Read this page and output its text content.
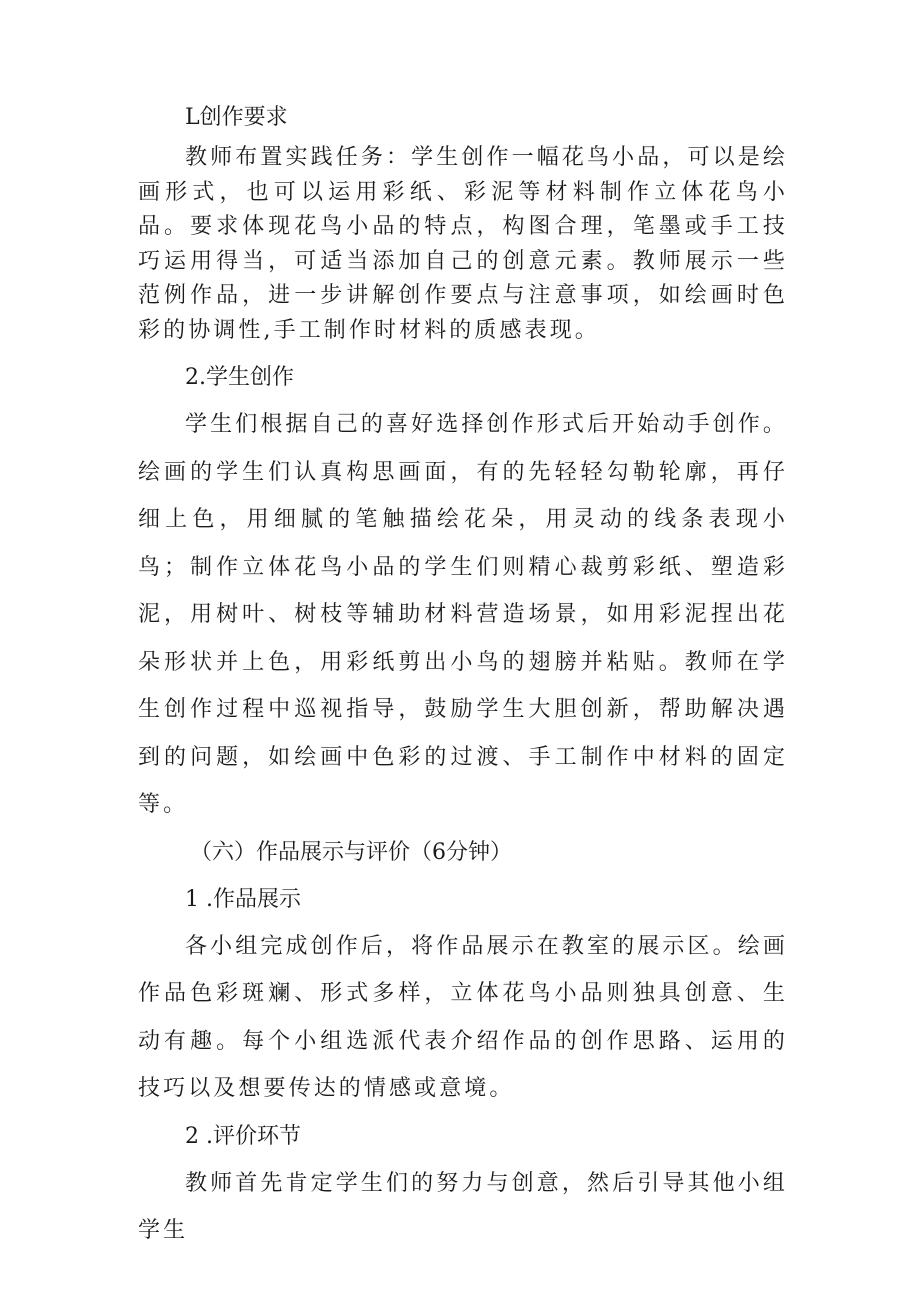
L创作要求

教师布置实践任务：学生创作一幅花鸟小品，可以是绘画形式，也可以运用彩纸、彩泥等材料制作立体花鸟小品。要求体现花鸟小品的特点，构图合理，笔墨或手工技巧运用得当，可适当添加自己的创意元素。教师展示一些范例作品，进一步讲解创作要点与注意事项，如绘画时色彩的协调性,手工制作时材料的质感表现。

2.学生创作

学生们根据自己的喜好选择创作形式后开始动手创作。绘画的学生们认真构思画面，有的先轻轻勾勒轮廓，再仔细上色，用细腻的笔触描绘花朵，用灵动的线条表现小鸟；制作立体花鸟小品的学生们则精心裁剪彩纸、塑造彩泥，用树叶、树枝等辅助材料营造场景，如用彩泥捏出花朵形状并上色，用彩纸剪出小鸟的翅膀并粘贴。教师在学生创作过程中巡视指导，鼓励学生大胆创新，帮助解决遇到的问题，如绘画中色彩的过渡、手工制作中材料的固定等。

（六）作品展示与评价（6分钟）

1 .作品展示

各小组完成创作后，将作品展示在教室的展示区。绘画作品色彩斑斓、形式多样，立体花鸟小品则独具创意、生动有趣。每个小组选派代表介绍作品的创作思路、运用的技巧以及想要传达的情感或意境。

2 .评价环节

教师首先肯定学生们的努力与创意，然后引导其他小组学生
